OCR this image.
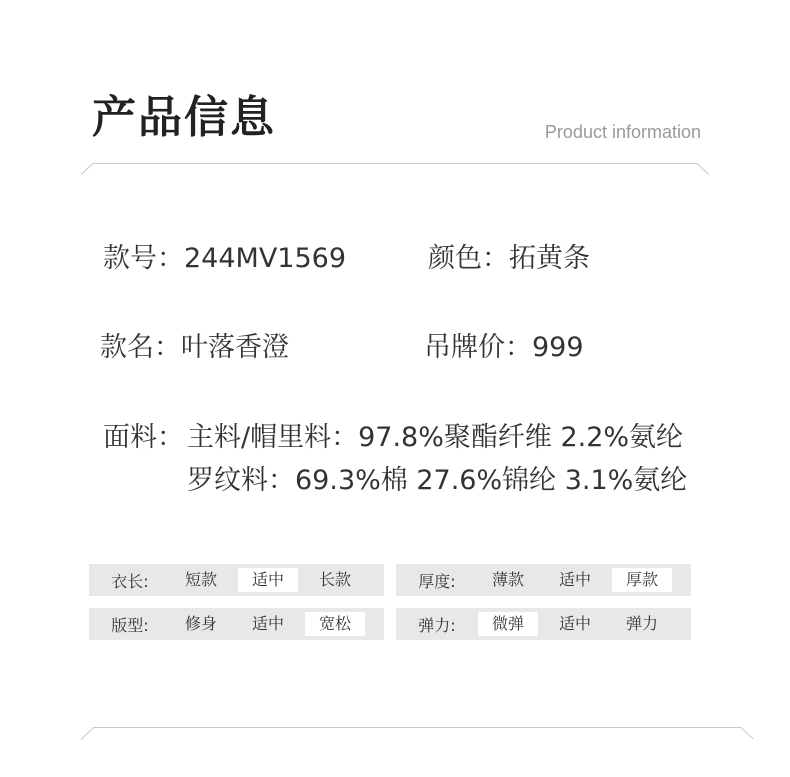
产品信息	Product information
款号：244MV1569	颜色：拓黄条
款名：叶落香澄	吊牌价：999
面料： 主料/帽里料：97.8%聚酯纤维 2.2%氨纶
罗纹料：69.3%棉 27.6%锦纶 3.1%氨纶
衣长:	短款	适中	长款	厚度:	薄款	适中	厚款
版型:	修身	适中	宽松	弹力:	微弹	适中	弹力
